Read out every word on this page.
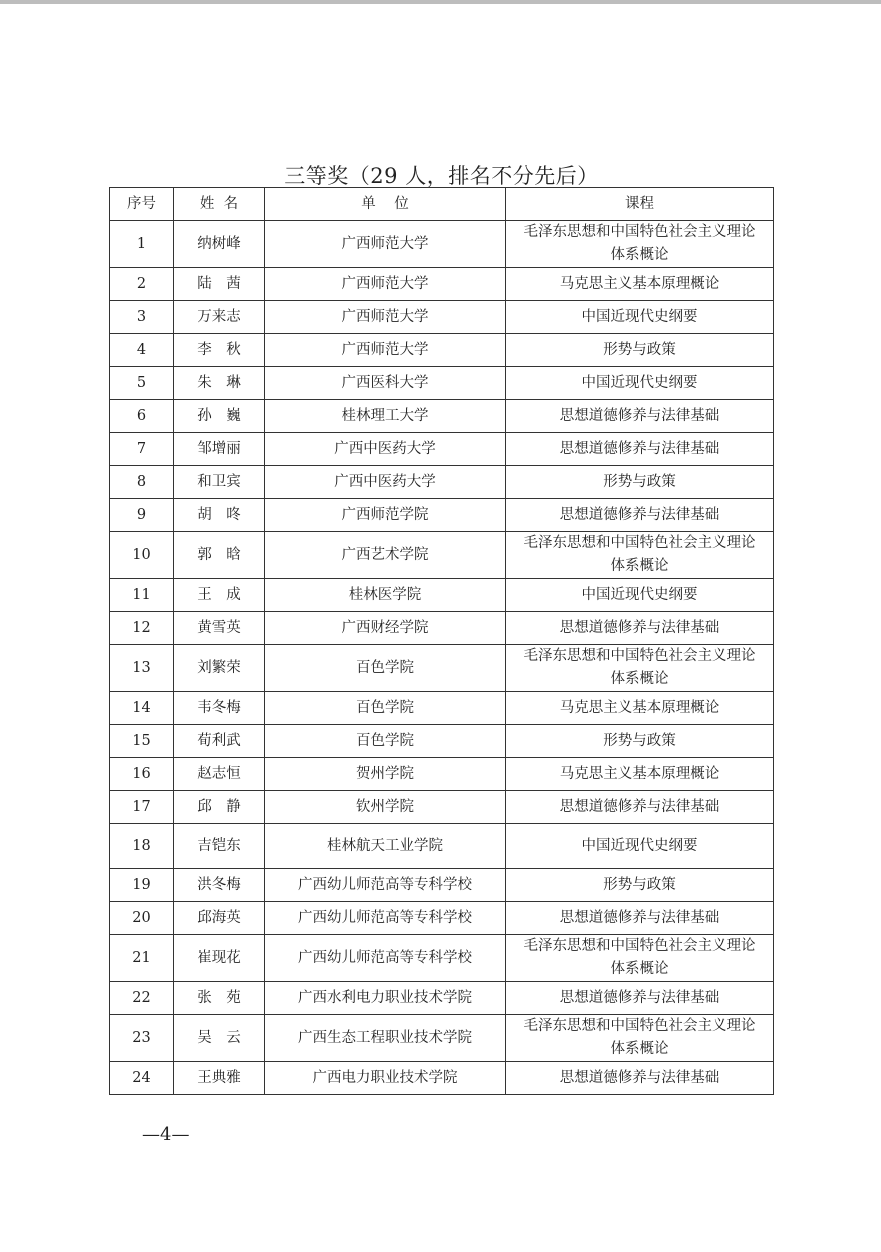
三等奖（29 人，排名不分先后）
序号	姓  名	单    位	课程
1	纳树峰	广西师范大学	毛泽东思想和中国特色社会主义理论
体系概论

2	陆　茜	广西师范大学	马克思主义基本原理概论

3	万来志	广西师范大学	中国近现代史纲要

4	李　秋	广西师范大学	形势与政策

5	朱　琳	广西医科大学	中国近现代史纲要

6	孙　巍	桂林理工大学	思想道德修养与法律基础

7	邹增丽	广西中医药大学	思想道德修养与法律基础

8	和卫宾	广西中医药大学	形势与政策

9	胡　咚	广西师范学院	思想道德修养与法律基础

10	郭　晗	广西艺术学院	毛泽东思想和中国特色社会主义理论
体系概论

11	王　成	桂林医学院	中国近现代史纲要

12	黄雪英	广西财经学院	思想道德修养与法律基础

13	刘繁荣	百色学院	毛泽东思想和中国特色社会主义理论
体系概论

14	韦冬梅	百色学院	马克思主义基本原理概论

15	荀利武	百色学院	形势与政策

16	赵志恒	贺州学院	马克思主义基本原理概论

17	邱　静	钦州学院	思想道德修养与法律基础

18	吉铠东	桂林航天工业学院	中国近现代史纲要

19	洪冬梅	广西幼儿师范高等专科学校	形势与政策

20	邱海英	广西幼儿师范高等专科学校	思想道德修养与法律基础

21	崔现花	广西幼儿师范高等专科学校	毛泽东思想和中国特色社会主义理论
体系概论

22	张　苑	广西水利电力职业技术学院	思想道德修养与法律基础

23	吴　云	广西生态工程职业技术学院	毛泽东思想和中国特色社会主义理论
体系概论

24	王典雅	广西电力职业技术学院	思想道德修养与法律基础
—4—
